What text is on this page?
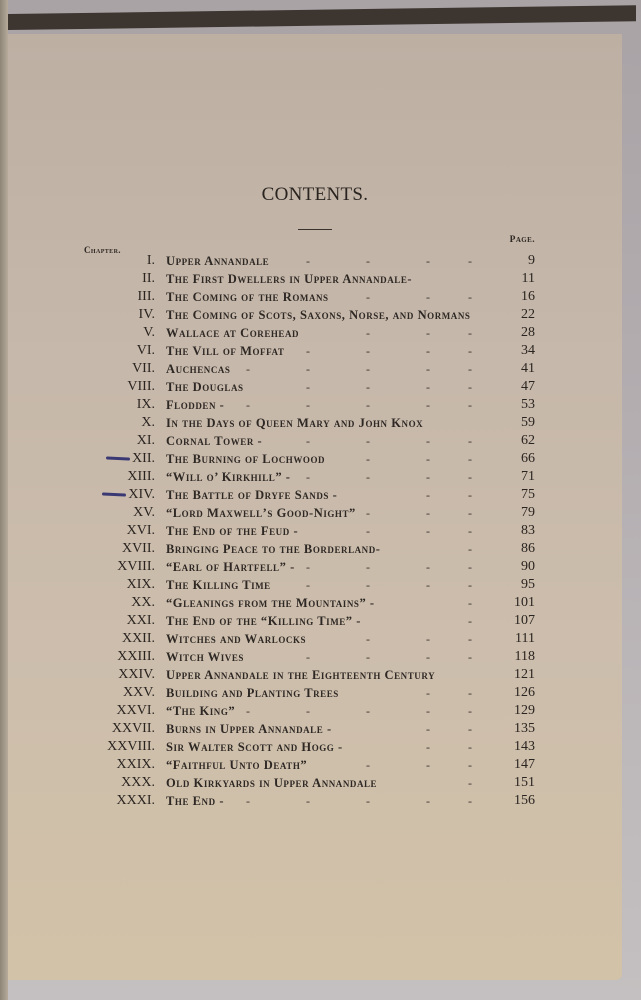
CONTENTS.
Chapter.
Page.
I. Upper Annandale	9
-	-	-	-
II. The First Dwellers in Upper Annandale-	11
III. The Coming of the Romans	16
-	-	-
IV. The Coming of Scots, Saxons, Norse, and Normans	22
V. Wallace at Corehead	28
-	-	-
VI. The Vill of Moffat	34
-	-	-	-
VII. Auchencas	41
-	-	-	-	-
VIII. The Douglas	47
-	-	-	-
IX. Flodden -	53
-	-	-	-	-
X. In the Days of Queen Mary and John Knox	59
XI. Cornal Tower -	62
-	-	-	-
XII. The Burning of Lochwood	66
-	-	-
XIII. “Will o’ Kirkhill” -	71
-	-	-	-
XIV. The Battle of Dryfe Sands -	75
-	-
XV. “Lord Maxwell’s Good-Night”	79
-	-	-
XVI. The End of the Feud -	83
-	-	-
XVII. Bringing Peace to the Borderland-	86
-
XVIII. “Earl of Hartfell” -	90
-	-	-	-
XIX. The Killing Time	95
-	-	-	-
XX. “Gleanings from the Mountains” -	101
-
XXI. The End of the “Killing Time” -	107
-
XXII. Witches and Warlocks	111
-	-	-
XXIII. Witch Wives	118
-	-	-	-
XXIV. Upper Annandale in the Eighteenth Century	121
XXV. Building and Planting Trees	126
-	-
XXVI. “The King”	129
-	-	-	-	-
XXVII. Burns in Upper Annandale -	135
-	-
XXVIII. Sir Walter Scott and Hogg -	143
-	-
XXIX. “Faithful Unto Death”	147
-	-	-
XXX. Old Kirkyards in Upper Annandale	151
-
XXXI. The End -	156
-	-	-	-	-
